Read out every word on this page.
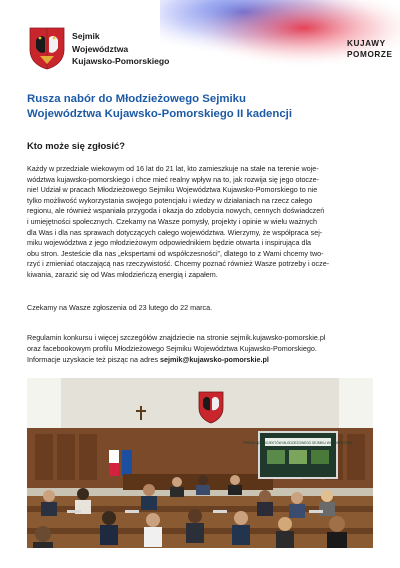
Sejmik
Województwa
Kujawsko-Pomorskiego
KUJAWY
POMORZE
Rusza nabór do Młodzieżowego Sejmiku
Województwa Kujawsko-Pomorskiego II kadencji
Kto może się zgłosić?
Każdy w przedziale wiekowym od 16 lat do 21 lat, kto zamieszkuje na stałe na terenie woje-
wództwa kujawsko-pomorskiego i chce mieć realny wpływ na to, jak rozwija się jego otocze-
nie! Udział w pracach Młodzieżowego Sejmiku Województwa Kujawsko-Pomorskiego to nie
tylko możliwość wykorzystania swojego potencjału i wiedzy w działaniach na rzecz całego
regionu, ale również wspaniała przygoda i okazja do zdobycia nowych, cennych doświadczeń
i umiejętności społecznych. Czekamy na Wasze pomysły, projekty i opinie w wielu ważnych
dla Was i dla nas sprawach dotyczących całego województwa. Wierzymy, że współpraca sej-
miku województwa z jego młodzieżowym odpowiednikiem będzie otwarta i inspirująca dla
obu stron. Jesteście dla nas „ekspertami od współczesności”, dlatego to z Wami chcemy two-
rzyć i zmieniać otaczającą nas rzeczywistość. Chcemy poznać również Wasze potrzeby i ocze-
kiwania, zarazić się od Was młodzieńczą energią i zapałem.
Czekamy na Wasze zgłoszenia od 23 lutego do 22 marca.
Regulamin konkursu i więcej szczegółów znajdziecie na stronie sejmik.kujawsko-pomorskie.pl
oraz facebookowym profilu Młodzieżowego Sejmiku Województwa Kujawsko-Pomorskiego.
Informacje uzyskacie też pisząc na adres sejmik@kujawsko-pomorskie.pl
PRZEGLĄD PROJEKTÓW MŁODZIEŻOWEGO SEJMIKU WOJEWÓDZTWA
